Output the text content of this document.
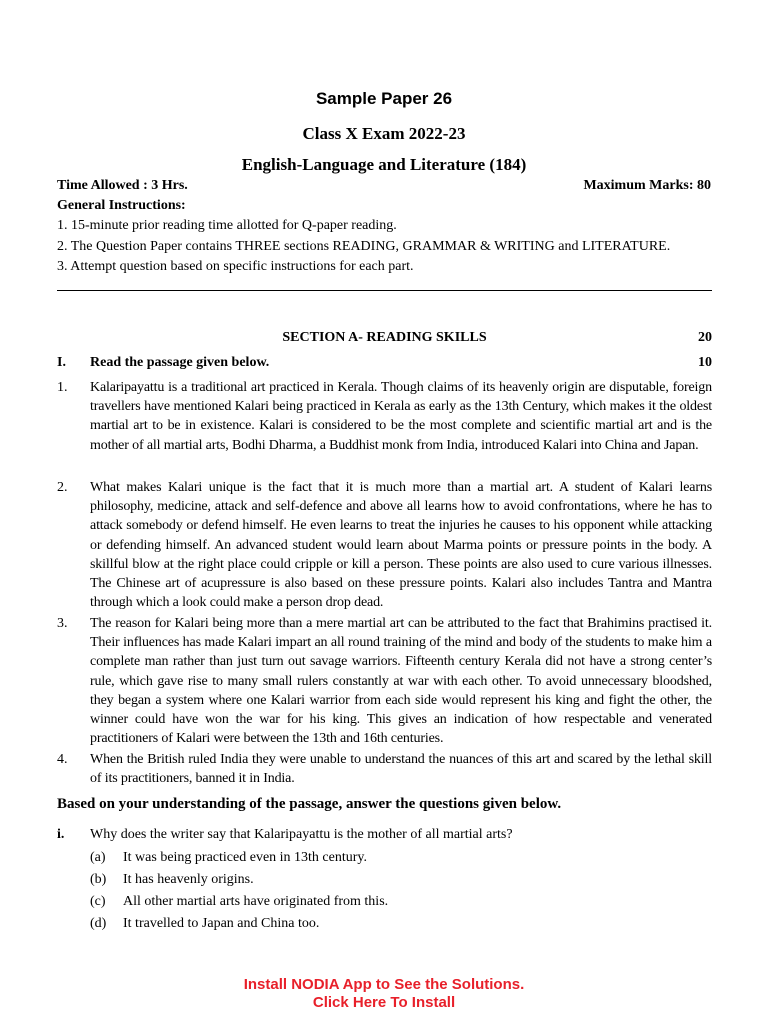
Sample Paper 26
Class X Exam 2022-23
English-Language and Literature (184)
Time Allowed : 3 Hrs.	Maximum Marks: 80
General Instructions:
1. 15-minute prior reading time allotted for Q-paper reading.
2. The Question Paper contains THREE sections READING, GRAMMAR & WRITING and LITERATURE.
3. Attempt question based on specific instructions for each part.
SECTION A- READING SKILLS	20
I. Read the passage given below.	10
1. Kalaripayattu is a traditional art practiced in Kerala. Though claims of its heavenly origin are disputable, foreign travellers have mentioned Kalari being practiced in Kerala as early as the 13th Century, which makes it the oldest martial art to be in existence. Kalari is considered to be the most complete and scientific martial art and is the mother of all martial arts, Bodhi Dharma, a Buddhist monk from India, introduced Kalari into China and Japan.
2. What makes Kalari unique is the fact that it is much more than a martial art. A student of Kalari learns philosophy, medicine, attack and self-defence and above all learns how to avoid confrontations, where he has to attack somebody or defend himself. He even learns to treat the injuries he causes to his opponent while attacking or defending himself. An advanced student would learn about Marma points or pressure points in the body. A skillful blow at the right place could cripple or kill a person. These points are also used to cure various illnesses. The Chinese art of acupressure is also based on these pressure points. Kalari also includes Tantra and Mantra through which a look could make a person drop dead.
3. The reason for Kalari being more than a mere martial art can be attributed to the fact that Brahimins practised it. Their influences has made Kalari impart an all round training of the mind and body of the students to make him a complete man rather than just turn out savage warriors. Fifteenth century Kerala did not have a strong center’s rule, which gave rise to many small rulers constantly at war with each other. To avoid unnecessary bloodshed, they began a system where one Kalari warrior from each side would represent his king and fight the other, the winner could have won the war for his king. This gives an indication of how respectable and venerated practitioners of Kalari were between the 13th and 16th centuries.
4. When the British ruled India they were unable to understand the nuances of this art and scared by the lethal skill of its practitioners, banned it in India.
Based on your understanding of the passage, answer the questions given below.
i. Why does the writer say that Kalaripayattu is the mother of all martial arts?
(a) It was being practiced even in 13th century.
(b) It has heavenly origins.
(c) All other martial arts have originated from this.
(d) It travelled to Japan and China too.
Install NODIA App to See the Solutions.
Click Here To Install
